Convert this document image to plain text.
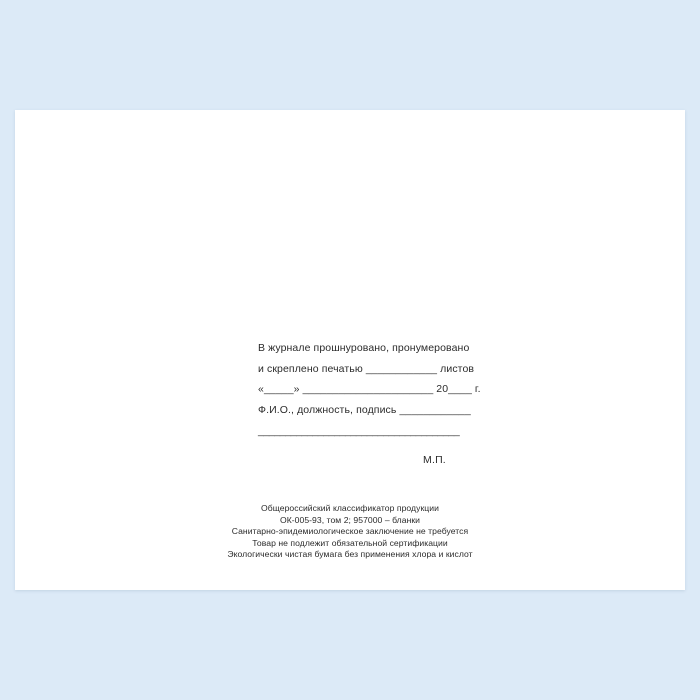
В журнале прошнуровано, пронумеровано
и скреплено печатью ____________ листов
«_____» ______________________ 20____ г.
Ф.И.О., должность, подпись ____________
_____________________________________
М.П.
Общероссийский классификатор продукции
ОК-005-93, том 2; 957000 – бланки
Санитарно-эпидемиологическое заключение не требуется
Товар не подлежит обязательной сертификации
Экологически чистая бумага без применения хлора и кислот
